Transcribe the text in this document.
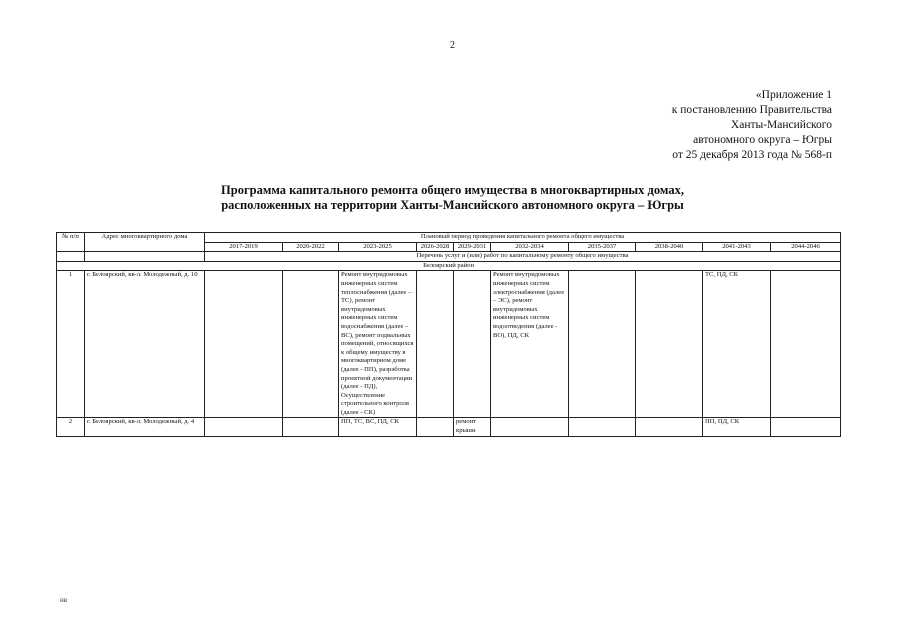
2
«Приложение 1
к постановлению Правительства
Ханты-Мансийского
автономного округа – Югры
от 25 декабря 2013 года № 568-п
Программа капитального ремонта общего имущества в многоквартирных домах,
расположенных на территории Ханты-Мансийского автономного округа – Югры
№ п/п	Адрес многоквартирного дома	Плановый период проведения капитального ремонта общего имущества									
		2017-2019	2020-2022	2023-2025	2026-2028	2029-2031	2032-2034	2035-2037	2038-2040	2041-2043	2044-2046
		Перечень услуг и (или) работ по капитальному ремонту общего имущества									
Белоярский район											
1	г. Белоярский, кв-л. Молодежный, д. 10			Ремонт внутридомовых инженерных систем теплоснабжения (далее – ТС), ремонт внутридомовых инженерных систем водоснабжения (далее – ВС), ремонт подвальных помещений, относящихся к общему имуществу в многоквартирном доме (далее - ПП), разработка проектной документации (далее - ПД), Осуществление строительного контроля (далее - СК)			Ремонт внутридомовых инженерных систем электроснабжения (далее – ЭС), ремонт внутридомовых инженерных систем водоотведения (далее - ВО), ПД, СК			ТС, ПД, СК	
2	г. Белоярский, кв-л. Молодежный, д. 4			ПП, ТС, ВС, ПД, СК		ремонт крыши				ПП, ПД, СК	
нв
